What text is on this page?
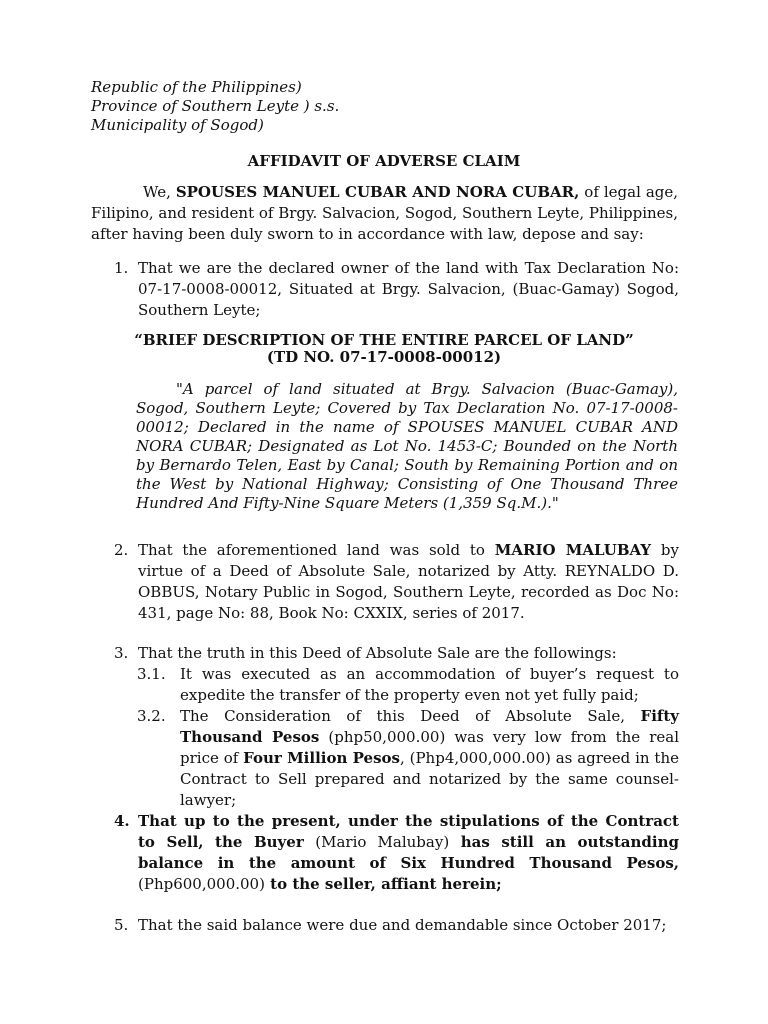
Republic of the Philippines)
Province of Southern Leyte ) s.s.
Municipality of Sogod)
AFFIDAVIT OF ADVERSE CLAIM
We, SPOUSES MANUEL CUBAR AND NORA CUBAR, of legal age, Filipino, and resident of Brgy. Salvacion, Sogod, Southern Leyte, Philippines, after having been duly sworn to in accordance with law, depose and say:
1. That we are the declared owner of the land with Tax Declaration No: 07-17-0008-00012, Situated at Brgy. Salvacion, (Buac-Gamay) Sogod, Southern Leyte;
“BRIEF DESCRIPTION OF THE ENTIRE PARCEL OF LAND”
(TD NO. 07-17-0008-00012)
"A parcel of land situated at Brgy. Salvacion (Buac-Gamay), Sogod, Southern Leyte; Covered by Tax Declaration No. 07-17-0008-00012; Declared in the name of SPOUSES MANUEL CUBAR AND NORA CUBAR; Designated as Lot No. 1453-C; Bounded on the North by Bernardo Telen, East by Canal; South by Remaining Portion and on the West by National Highway; Consisting of One Thousand Three Hundred And Fifty-Nine Square Meters (1,359 Sq.M.)."
2. That the aforementioned land was sold to MARIO MALUBAY by virtue of a Deed of Absolute Sale, notarized by Atty. REYNALDO D. OBBUS, Notary Public in Sogod, Southern Leyte, recorded as Doc No: 431, page No: 88, Book No: CXXIX, series of 2017.
3. That the truth in this Deed of Absolute Sale are the followings:
3.1. It was executed as an accommodation of buyer’s request to expedite the transfer of the property even not yet fully paid;
3.2. The Consideration of this Deed of Absolute Sale, Fifty Thousand Pesos (php50,000.00) was very low from the real price of Four Million Pesos, (Php4,000,000.00) as agreed in the Contract to Sell prepared and notarized by the same counsel-lawyer;
4. That up to the present, under the stipulations of the Contract to Sell, the Buyer (Mario Malubay) has still an outstanding balance in the amount of Six Hundred Thousand Pesos, (Php600,000.00) to the seller, affiant herein;
5. That the said balance were due and demandable since October 2017;
